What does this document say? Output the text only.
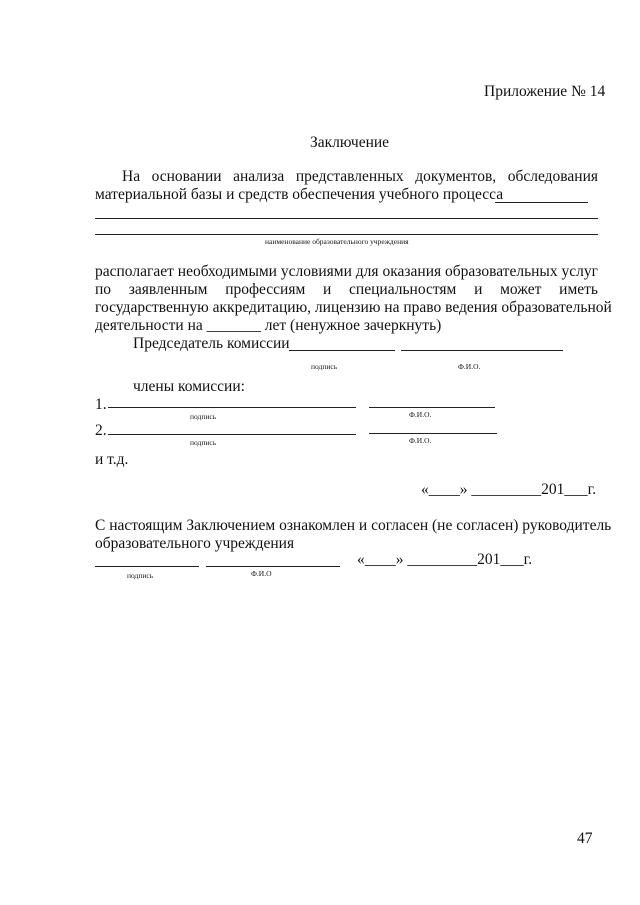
Приложение № 14
Заключение
На основании анализа представленных документов, обследования
материальной базы и средств обеспечения учебного процесса
наименование образовательного учреждения
располагает необходимыми условиями для оказания образовательных услуг
по заявленным профессиям и специальностям и может иметь
государственную аккредитацию, лицензию на право ведения образовательной
деятельности на _______ лет (ненужное зачеркнуть)
Председатель комиссии
подпись	Ф.И.О.
члены комиссии:
1.
подпись	Ф.И.О.
2.
подпись	Ф.И.О.
и т.д.
«____» _________201___г.
С настоящим Заключением ознакомлен и согласен (не согласен) руководитель
образовательного учреждения
«____» _________201___г.
подпись	Ф.И.О
47
